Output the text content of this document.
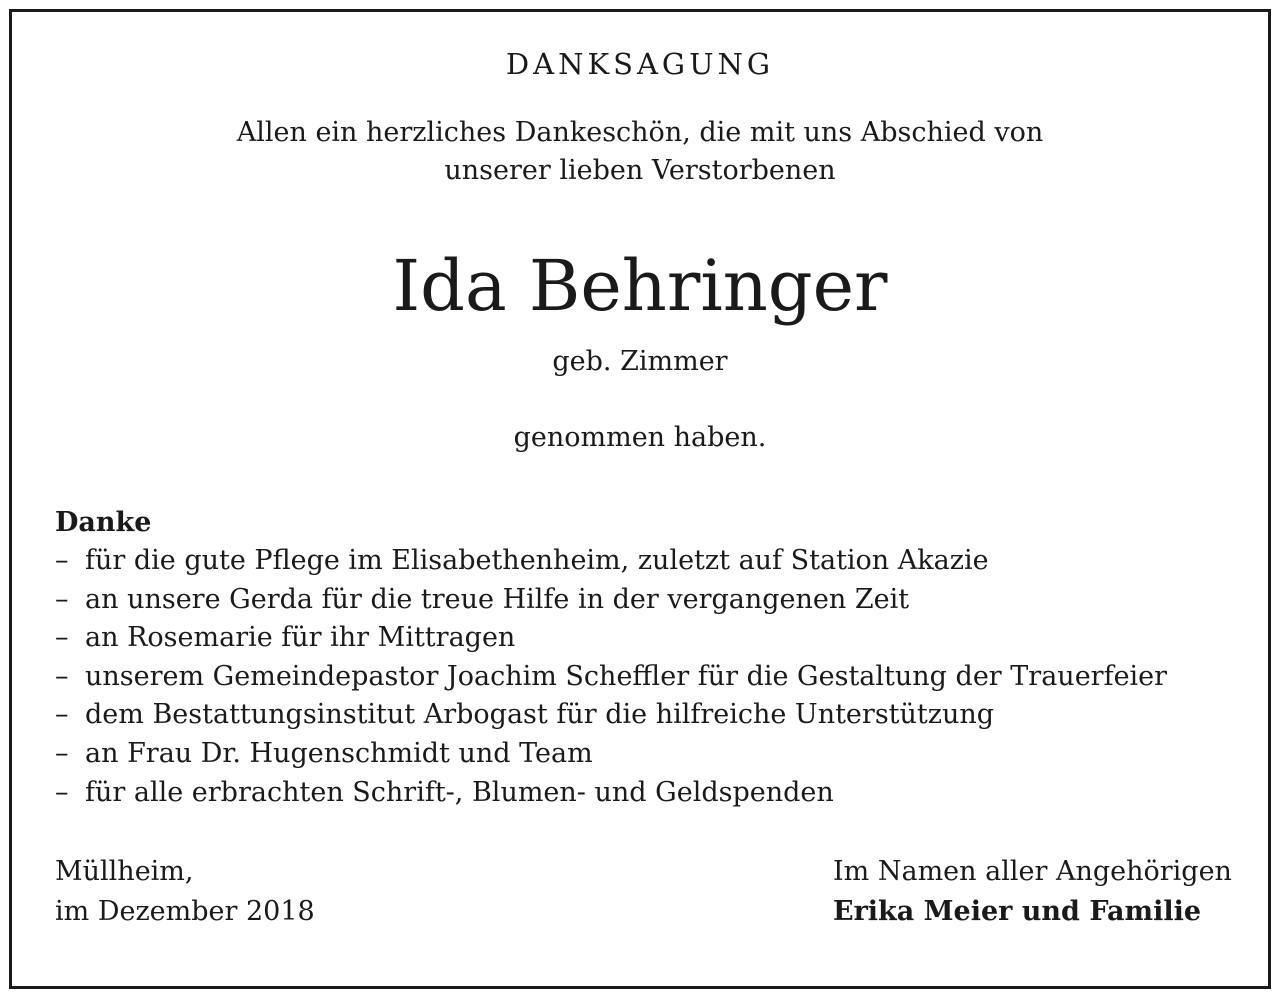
DANKSAGUNG
Allen ein herzliches Dankeschön, die mit uns Abschied von
unserer lieben Verstorbenen
Ida Behringer
geb. Zimmer
genommen haben.
Danke
– für die gute Pflege im Elisabethenheim, zuletzt auf Station Akazie
– an unsere Gerda für die treue Hilfe in der vergangenen Zeit
– an Rosemarie für ihr Mittragen
– unserem Gemeindepastor Joachim Scheffler für die Gestaltung der Trauerfeier
– dem Bestattungsinstitut Arbogast für die hilfreiche Unterstützung
– an Frau Dr. Hugenschmidt und Team
– für alle erbrachten Schrift-, Blumen- und Geldspenden
Müllheim,
im Dezember 2018
Im Namen aller Angehörigen
Erika Meier und Familie
